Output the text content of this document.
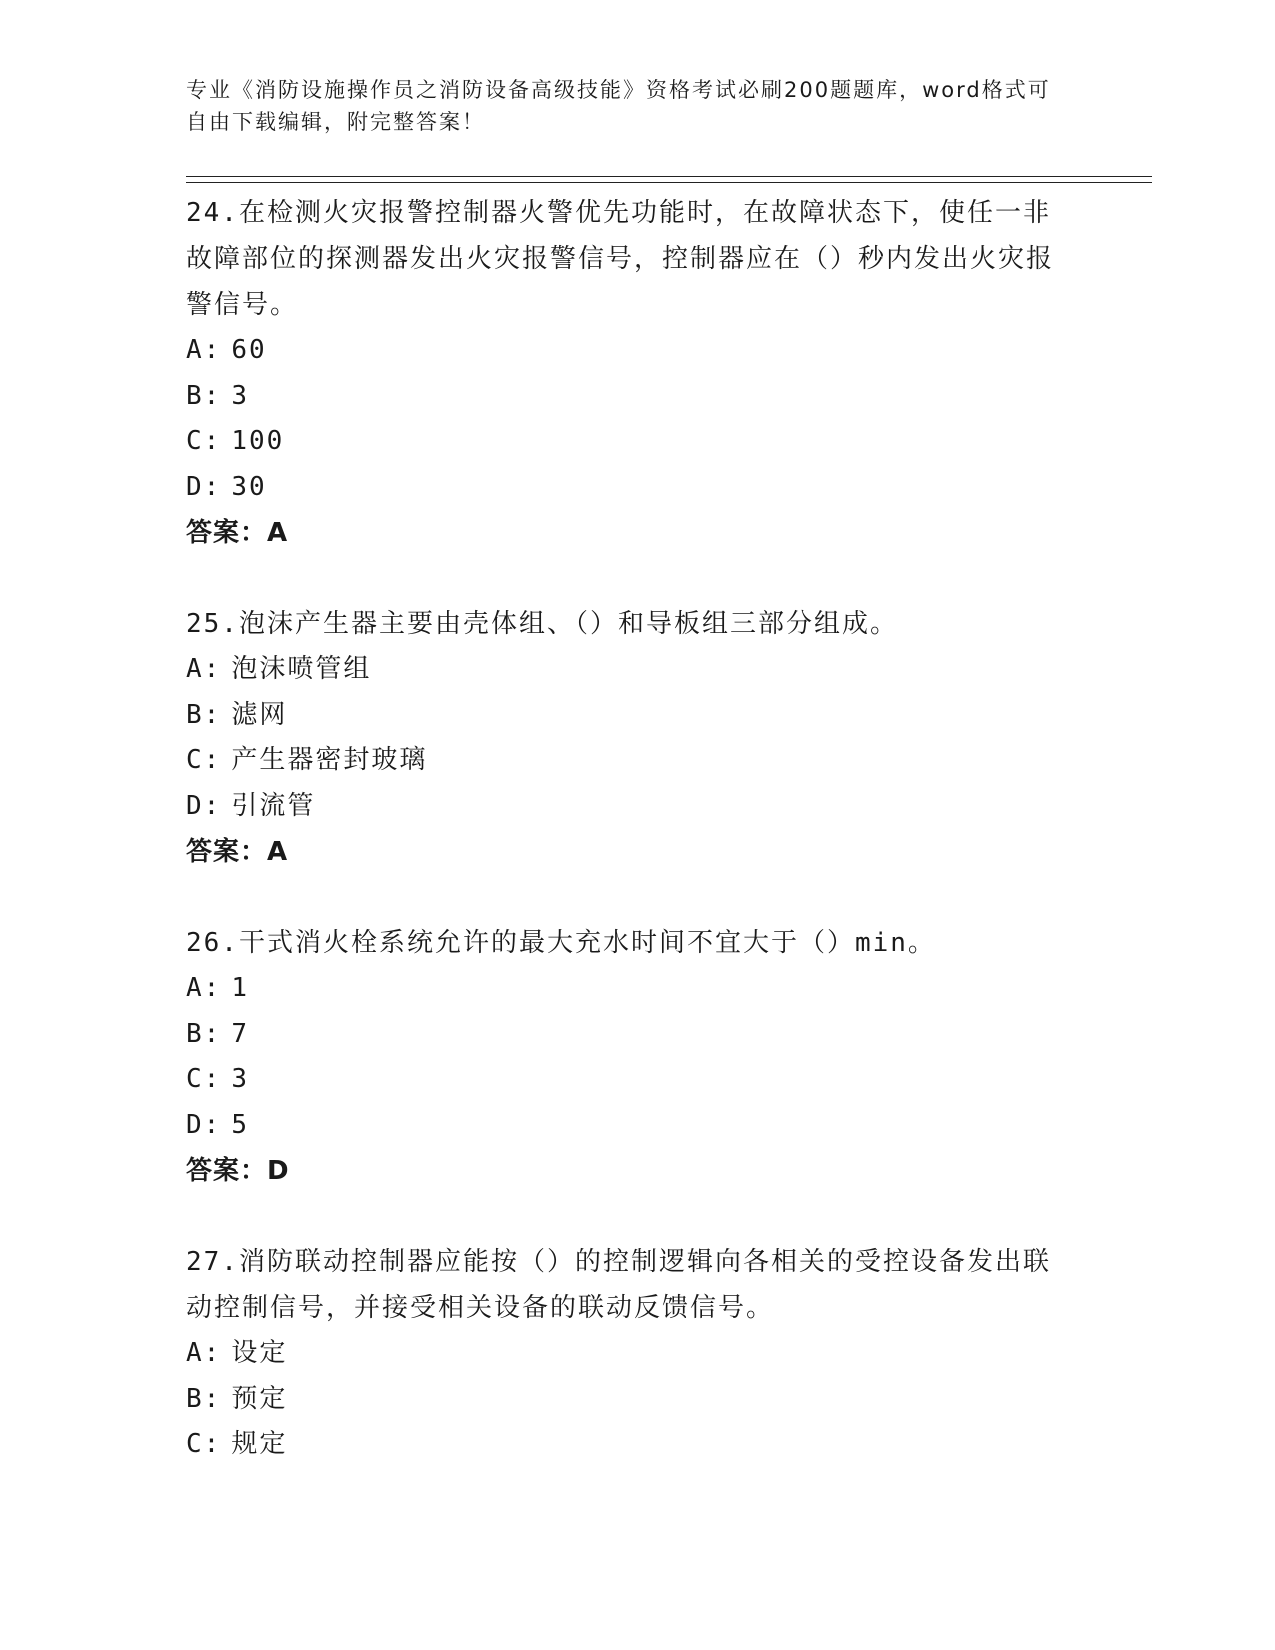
专业《消防设施操作员之消防设备高级技能》资格考试必刷200题题库，word格式可自由下载编辑，附完整答案！
24.在检测火灾报警控制器火警优先功能时，在故障状态下，使任一非故障部位的探测器发出火灾报警信号，控制器应在（）秒内发出火灾报警信号。
A: 60
B: 3
C: 100
D: 30
答案：A
25.泡沫产生器主要由壳体组、（）和导板组三部分组成。
A: 泡沫喷管组
B: 滤网
C: 产生器密封玻璃
D: 引流管
答案：A
26.干式消火栓系统允许的最大充水时间不宜大于（）min。
A: 1
B: 7
C: 3
D: 5
答案：D
27.消防联动控制器应能按（）的控制逻辑向各相关的受控设备发出联动控制信号，并接受相关设备的联动反馈信号。
A: 设定
B: 预定
C: 规定
